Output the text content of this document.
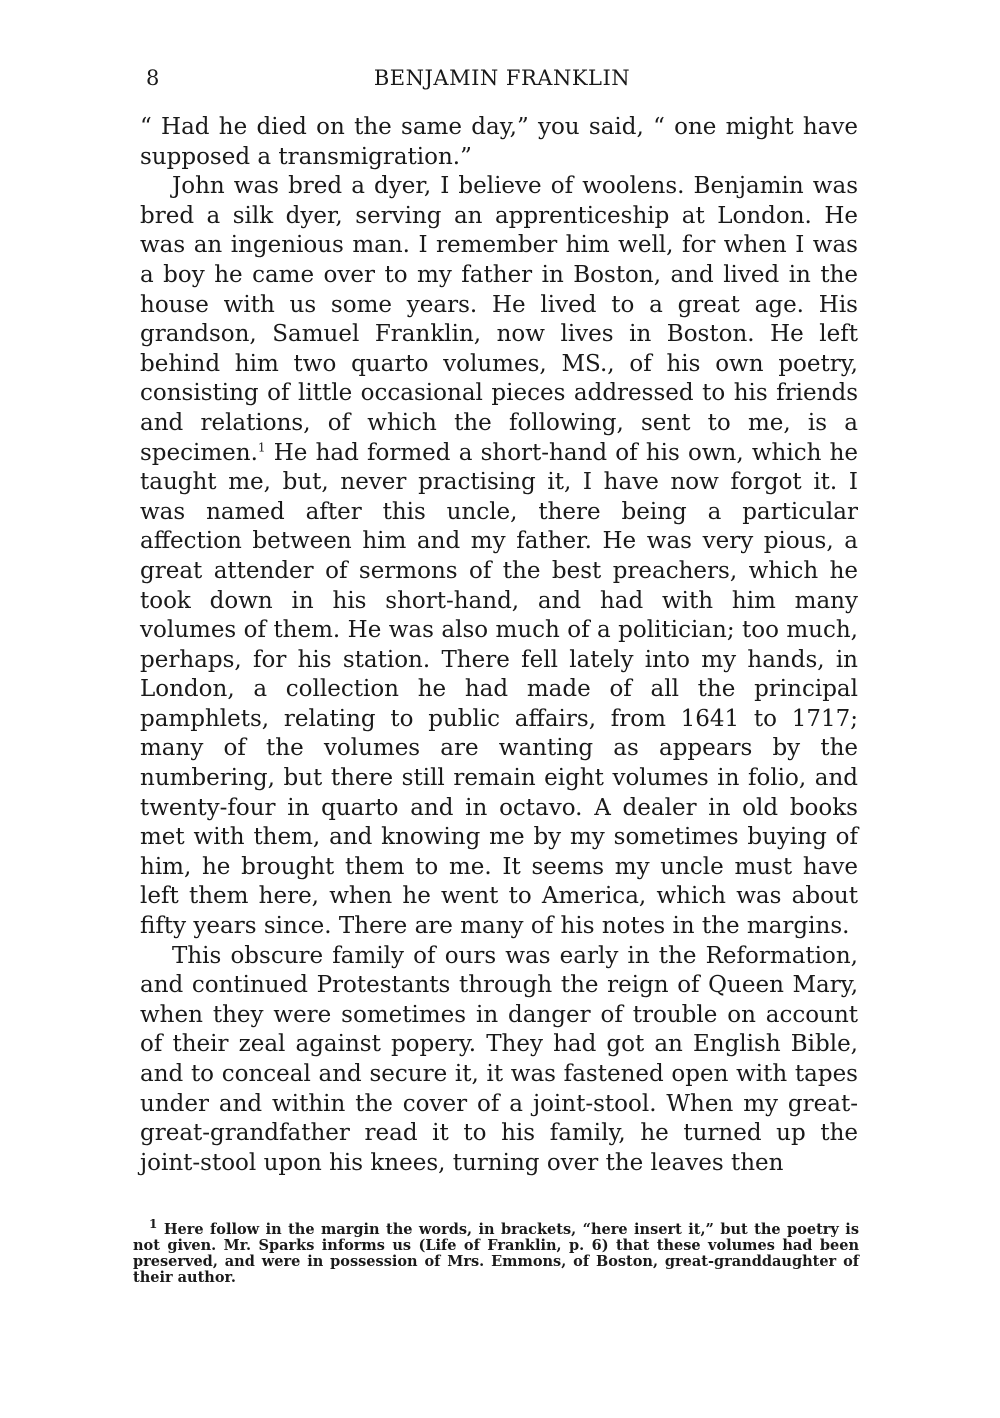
8	BENJAMIN FRANKLIN

“ Had he died on the same day,” you said, “ one might have supposed a transmigration.”

John was bred a dyer, I believe of woolens. Benjamin was bred a silk dyer, serving an apprenticeship at London. He was an ingenious man. I remember him well, for when I was a boy he came over to my father in Boston, and lived in the house with us some years. He lived to a great age. His grandson, Samuel Franklin, now lives in Boston. He left behind him two quarto volumes, MS., of his own poetry, consisting of little occasional pieces addressed to his friends and relations, of which the following, sent to me, is a specimen.$^1$ He had formed a short-hand of his own, which he taught me, but, never practising it, I have now forgot it. I was named after this uncle, there being a particular affection between him and my father. He was very pious, a great attender of sermons of the best preachers, which he took down in his short-hand, and had with him many volumes of them. He was also much of a politician; too much, perhaps, for his station. There fell lately into my hands, in London, a collection he had made of all the principal pamphlets, relating to public affairs, from 1641 to 1717; many of the volumes are wanting as appears by the numbering, but there still remain eight volumes in folio, and twenty-four in quarto and in octavo. A dealer in old books met with them, and knowing me by my sometimes buying of him, he brought them to me. It seems my uncle must have left them here, when he went to America, which was about fifty years since. There are many of his notes in the margins.

This obscure family of ours was early in the Reformation, and continued Protestants through the reign of Queen Mary, when they were sometimes in danger of trouble on account of their zeal against popery. They had got an English Bible, and to conceal and secure it, it was fastened open with tapes under and within the cover of a joint-stool. When my great-great-grandfather read it to his family, he turned up the joint-stool upon his knees, turning over the leaves then

$^1$ Here follow in the margin the words, in brackets, “here insert it,” but the poetry is not given. Mr. Sparks informs us (Life of Franklin, p. 6) that these volumes had been preserved, and were in possession of Mrs. Emmons, of Boston, great-granddaughter of their author.
